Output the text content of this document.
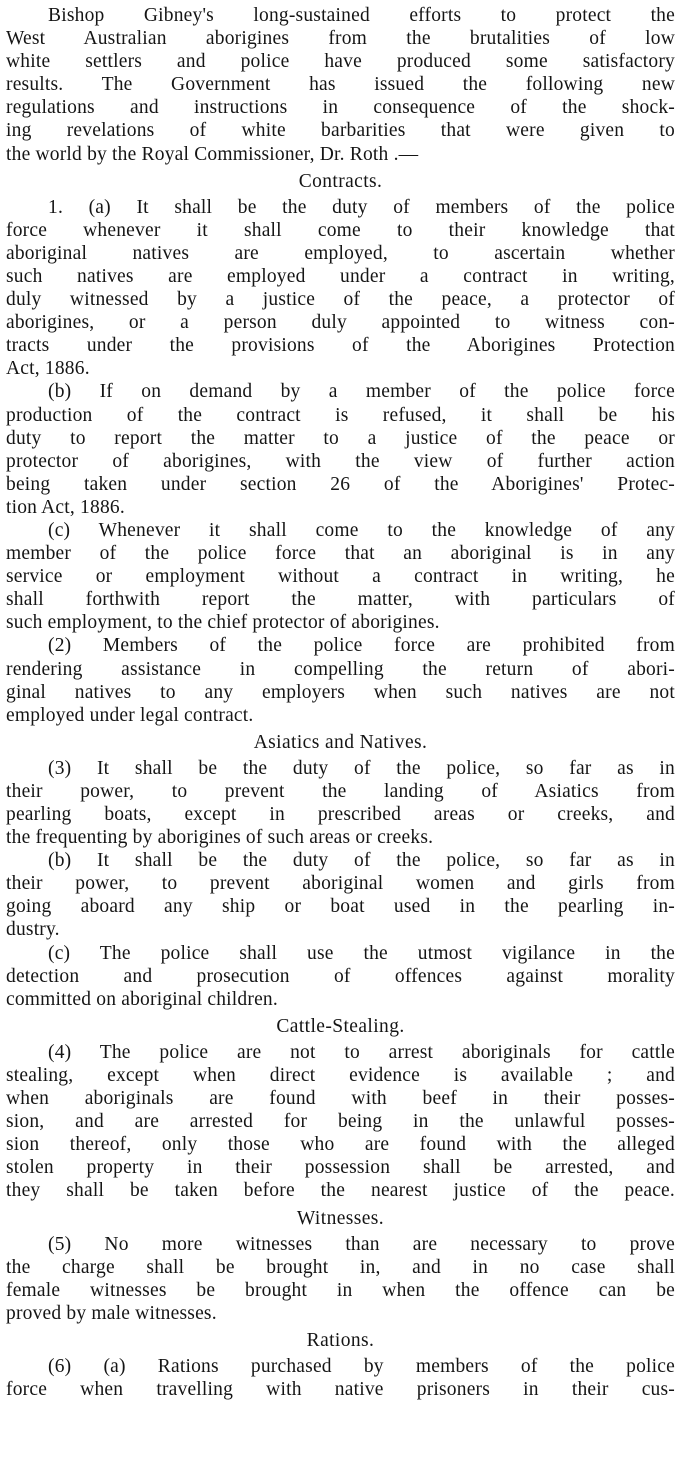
Bishop Gibney's long-sustained efforts to protect the
West Australian aborigines from the brutalities of low
white settlers and police have produced some satisfactory
results. The Government has issued the following new
regulations and instructions in consequence of the shock-
ing revelations of white barbarities that were given to
the world by the Royal Commissioner, Dr. Roth .—
Contracts.
1. (a) It shall be the duty of members of the police
force whenever it shall come to their knowledge that
aboriginal natives are employed, to ascertain whether
such natives are employed under a contract in writing,
duly witnessed by a justice of the peace, a protector of
aborigines, or a person duly appointed to witness con-
tracts under the provisions of the Aborigines Protection
Act, 1886.
(b) If on demand by a member of the police force
production of the contract is refused, it shall be his
duty to report the matter to a justice of the peace or
protector of aborigines, with the view of further action
being taken under section 26 of the Aborigines' Protec-
tion Act, 1886.
(c) Whenever it shall come to the knowledge of any
member of the police force that an aboriginal is in any
service or employment without a contract in writing, he
shall forthwith report the matter, with particulars of
such employment, to the chief protector of aborigines.
(2) Members of the police force are prohibited from
rendering assistance in compelling the return of abori-
ginal natives to any employers when such natives are not
employed under legal contract.
Asiatics and Natives.
(3) It shall be the duty of the police, so far as in
their power, to prevent the landing of Asiatics from
pearling boats, except in prescribed areas or creeks, and
the frequenting by aborigines of such areas or creeks.
(b) It shall be the duty of the police, so far as in
their power, to prevent aboriginal women and girls from
going aboard any ship or boat used in the pearling in-
dustry.
(c) The police shall use the utmost vigilance in the
detection and prosecution of offences against morality
committed on aboriginal children.
Cattle-Stealing.
(4) The police are not to arrest aboriginals for cattle
stealing, except when direct evidence is available ; and
when aboriginals are found with beef in their posses-
sion, and are arrested for being in the unlawful posses-
sion thereof, only those who are found with the alleged
stolen property in their possession shall be arrested, and
they shall be taken before the nearest justice of the peace.
Witnesses.
(5) No more witnesses than are necessary to prove
the charge shall be brought in, and in no case shall
female witnesses be brought in when the offence can be
proved by male witnesses.
Rations.
(6) (a) Rations purchased by members of the police
force when travelling with native prisoners in their cus-
